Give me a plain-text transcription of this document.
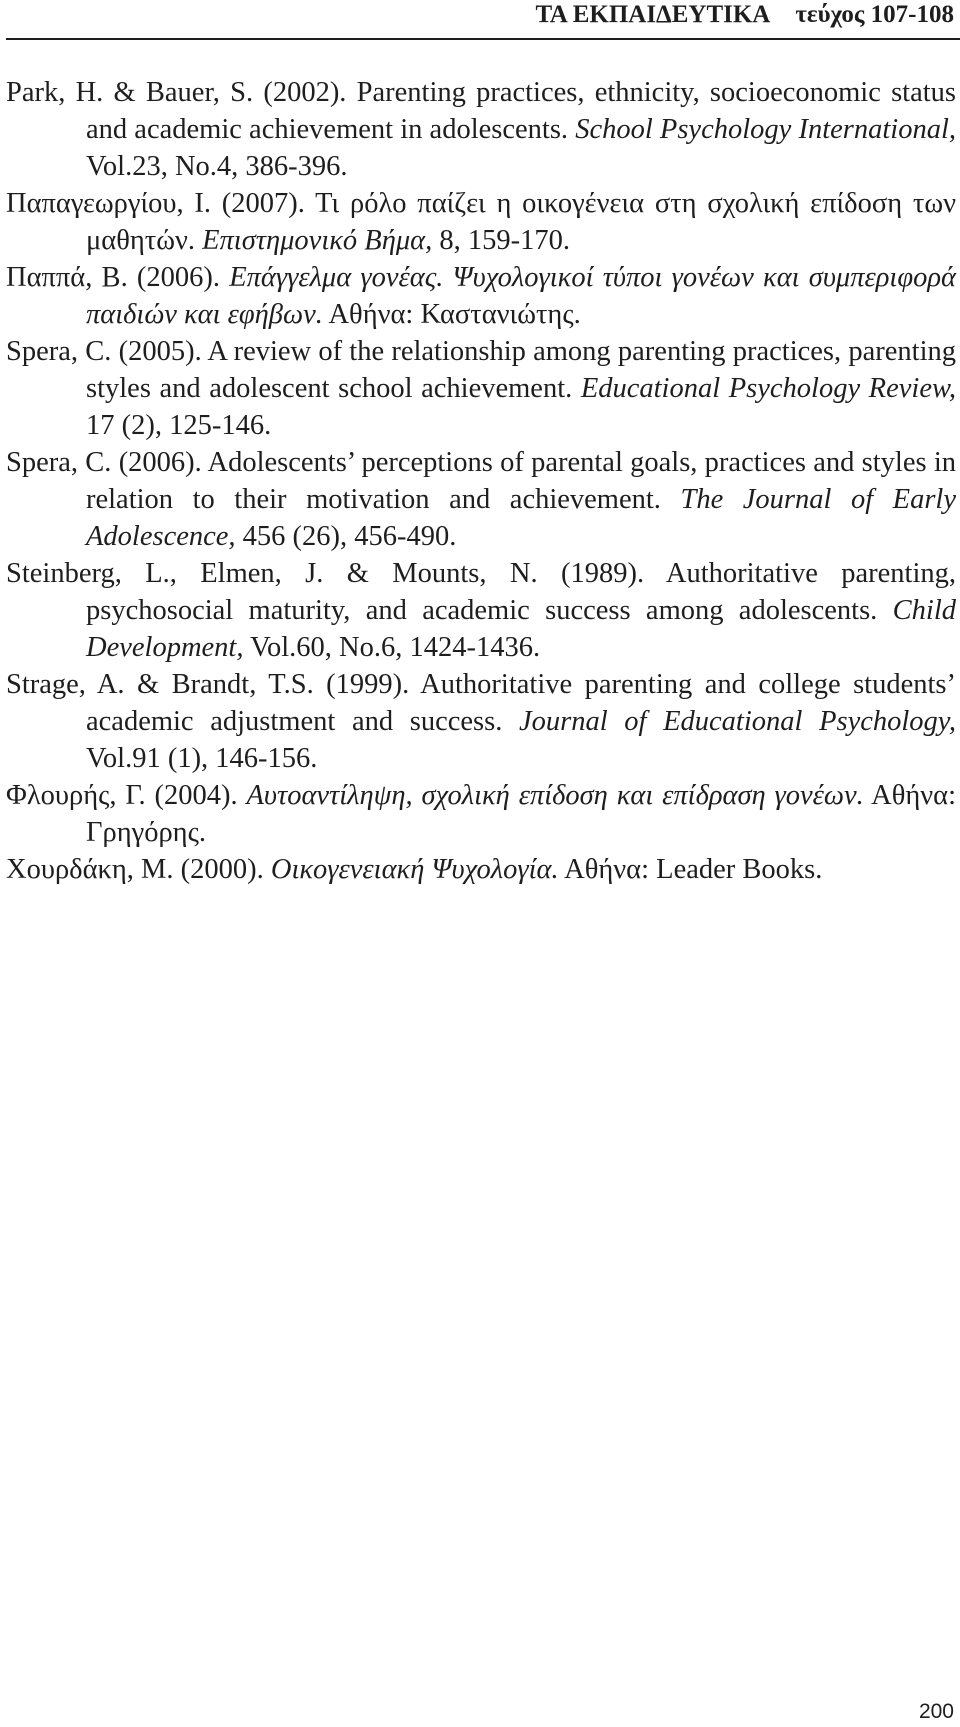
ΤΑ ΕΚΠΑΙΔΕΥΤΙΚΑ τεύχος 107-108
Park, H. & Bauer, S. (2002). Parenting practices, ethnicity, socioeconomic status and academic achievement in adolescents. School Psychology International, Vol.23, No.4, 386-396.
Παπαγεωργίου, Ι. (2007). Τι ρόλο παίζει η οικογένεια στη σχολική επίδοση των μαθητών. Επιστημονικό Βήμα, 8, 159-170.
Παππά, Β. (2006). Επάγγελμα γονέας. Ψυχολογικοί τύποι γονέων και συμπεριφορά παιδιών και εφήβων. Αθήνα: Καστανιώτης.
Spera, C. (2005). A review of the relationship among parenting practices, parenting styles and adolescent school achievement. Educational Psychology Review, 17 (2), 125-146.
Spera, C. (2006). Adolescents’ perceptions of parental goals, practices and styles in relation to their motivation and achievement. The Journal of Early Adolescence, 456 (26), 456-490.
Steinberg, L., Elmen, J. & Mounts, N. (1989). Authoritative parenting, psychosocial maturity, and academic success among adolescents. Child Development, Vol.60, No.6, 1424-1436.
Strage, A. & Brandt, T.S. (1999). Authoritative parenting and college students’ academic adjustment and success. Journal of Educational Psychology, Vol.91 (1), 146-156.
Φλουρής, Γ. (2004). Αυτοαντίληψη, σχολική επίδοση και επίδραση γονέων. Αθήνα: Γρηγόρης.
Χουρδάκη, Μ. (2000). Οικογενειακή Ψυχολογία. Αθήνα: Leader Books.
200
